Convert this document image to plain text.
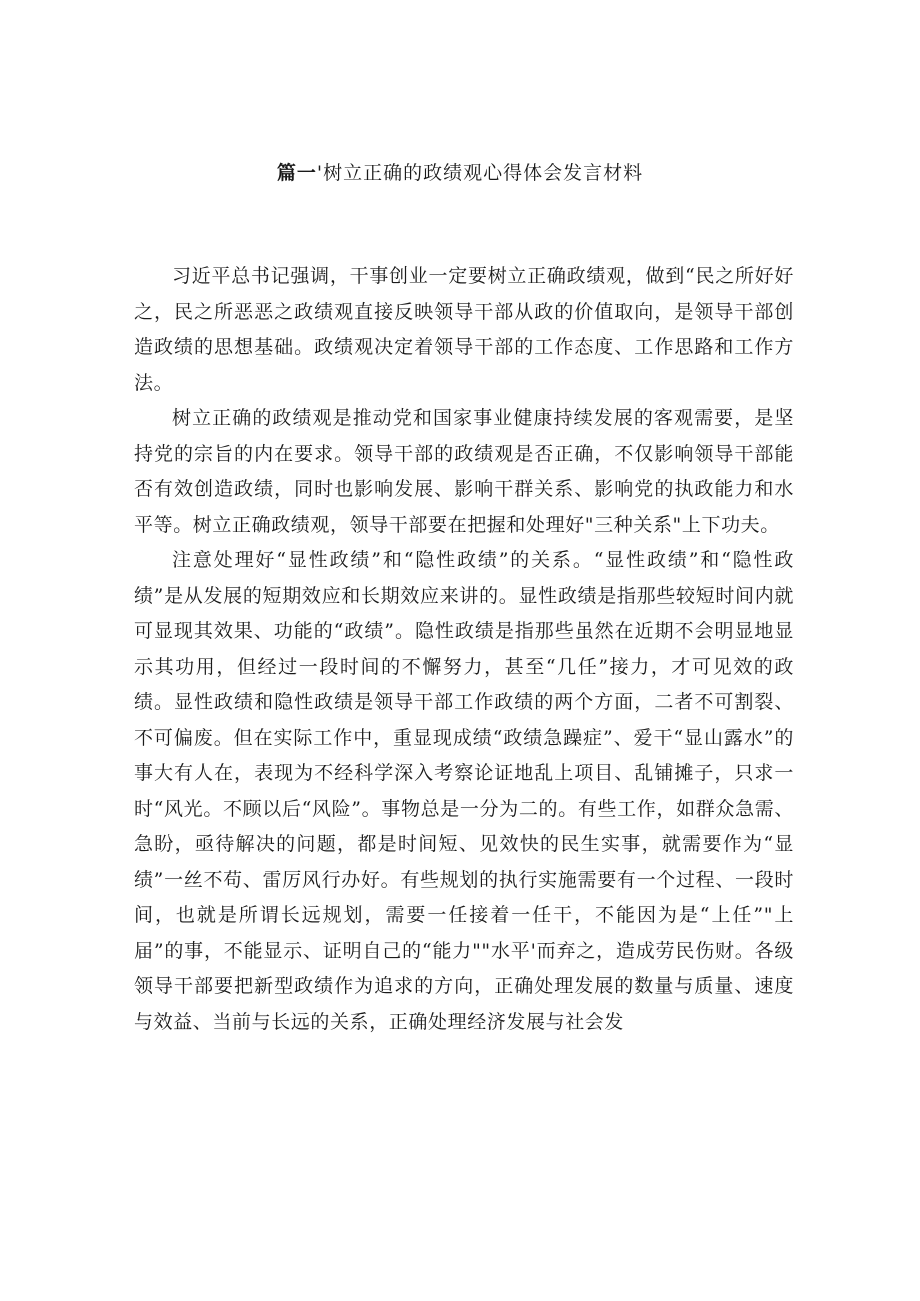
篇一'树立正确的政绩观心得体会发言材料

习近平总书记强调，干事创业一定要树立正确政绩观，做到“民之所好好之，民之所恶恶之政绩观直接反映领导干部从政的价值取向，是领导干部创造政绩的思想基础。政绩观决定着领导干部的工作态度、工作思路和工作方法。

树立正确的政绩观是推动党和国家事业健康持续发展的客观需要，是坚持党的宗旨的内在要求。领导干部的政绩观是否正确，不仅影响领导干部能否有效创造政绩，同时也影响发展、影响干群关系、影响党的执政能力和水平等。树立正确政绩观，领导干部要在把握和处理好"三种关系"上下功夫。

注意处理好“显性政绩”和“隐性政绩”的关系。“显性政绩”和“隐性政绩”是从发展的短期效应和长期效应来讲的。显性政绩是指那些较短时间内就可显现其效果、功能的“政绩”。隐性政绩是指那些虽然在近期不会明显地显示其功用，但经过一段时间的不懈努力，甚至“几任”接力，才可见效的政绩。显性政绩和隐性政绩是领导干部工作政绩的两个方面，二者不可割裂、不可偏废。但在实际工作中，重显现成绩“政绩急躁症”、爱干“显山露水”的事大有人在，表现为不经科学深入考察论证地乱上项目、乱铺摊子，只求一时“风光。不顾以后“风险”。事物总是一分为二的。有些工作，如群众急需、急盼，亟待解决的问题，都是时间短、见效快的民生实事，就需要作为“显绩”一丝不苟、雷厉风行办好。有些规划的执行实施需要有一个过程、一段时间，也就是所谓长远规划，需要一任接着一任干，不能因为是“上任”"上届”的事，不能显示、证明自己的“能力""水平'而弃之，造成劳民伤财。各级领导干部要把新型政绩作为追求的方向，正确处理发展的数量与质量、速度与效益、当前与长远的关系，正确处理经济发展与社会发
